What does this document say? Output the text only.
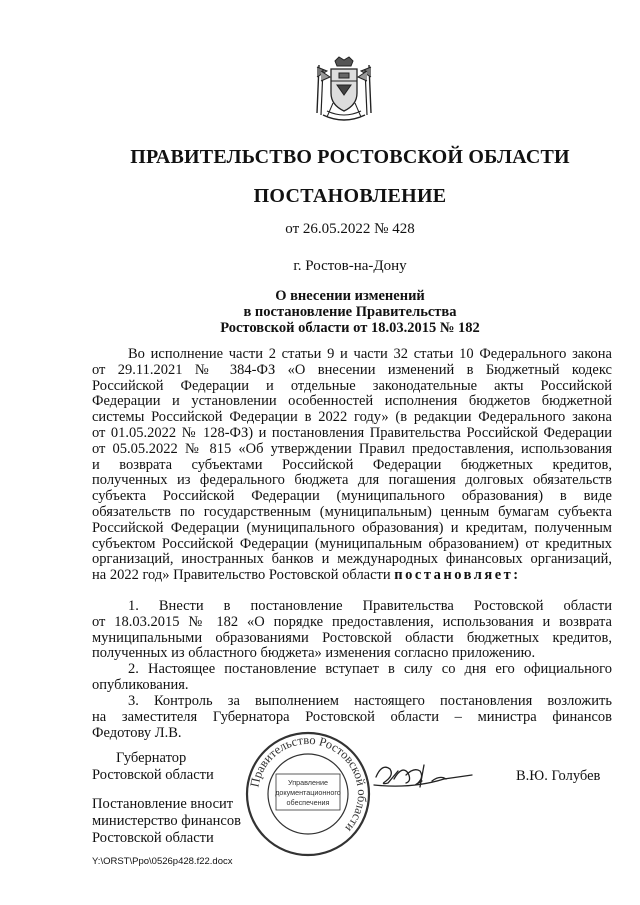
ПРАВИТЕЛЬСТВО РОСТОВСКОЙ ОБЛАСТИ
ПОСТАНОВЛЕНИЕ
от 26.05.2022 № 428
г. Ростов-на-Дону
О внесении изменений
в постановление Правительства
Ростовской области от 18.03.2015 № 182
Во исполнение части 2 статьи 9 и части 32 статьи 10 Федерального закона
от 29.11.2021 № 384-ФЗ «О внесении изменений в Бюджетный кодекс
Российской Федерации и отдельные законодательные акты Российской
Федерации и установлении особенностей исполнения бюджетов бюджетной
системы Российской Федерации в 2022 году» (в редакции Федерального закона
от 01.05.2022 № 128-ФЗ) и постановления Правительства Российской Федерации
от 05.05.2022 № 815 «Об утверждении Правил предоставления, использования
и возврата субъектами Российской Федерации бюджетных кредитов,
полученных из федерального бюджета для погашения долговых обязательств
субъекта Российской Федерации (муниципального образования) в виде
обязательств по государственным (муниципальным) ценным бумагам субъекта
Российской Федерации (муниципального образования) и кредитам, полученным
субъектом Российской Федерации (муниципальным образованием) от кредитных
организаций, иностранных банков и международных финансовых организаций,
на 2022 год» Правительство Ростовской области постановляет:
1. Внести в постановление Правительства Ростовской области
от 18.03.2015 № 182 «О порядке предоставления, использования и возврата
муниципальными образованиями Ростовской области бюджетных кредитов,
полученных из областного бюджета» изменения согласно приложению.
2. Настоящее постановление вступает в силу со дня его официального
опубликования.
3. Контроль за выполнением настоящего постановления возложить
на заместителя Губернатора Ростовской области – министра финансов
Федотову Л.В.
Губернатор
Ростовской области	Правительство Ростовской области
Управление
документационного
обеспечения
В.Ю. Голубев
Постановление вносит
министерство финансов
Ростовской области
Y:\ORST\Ppo\0526p428.f22.docx
